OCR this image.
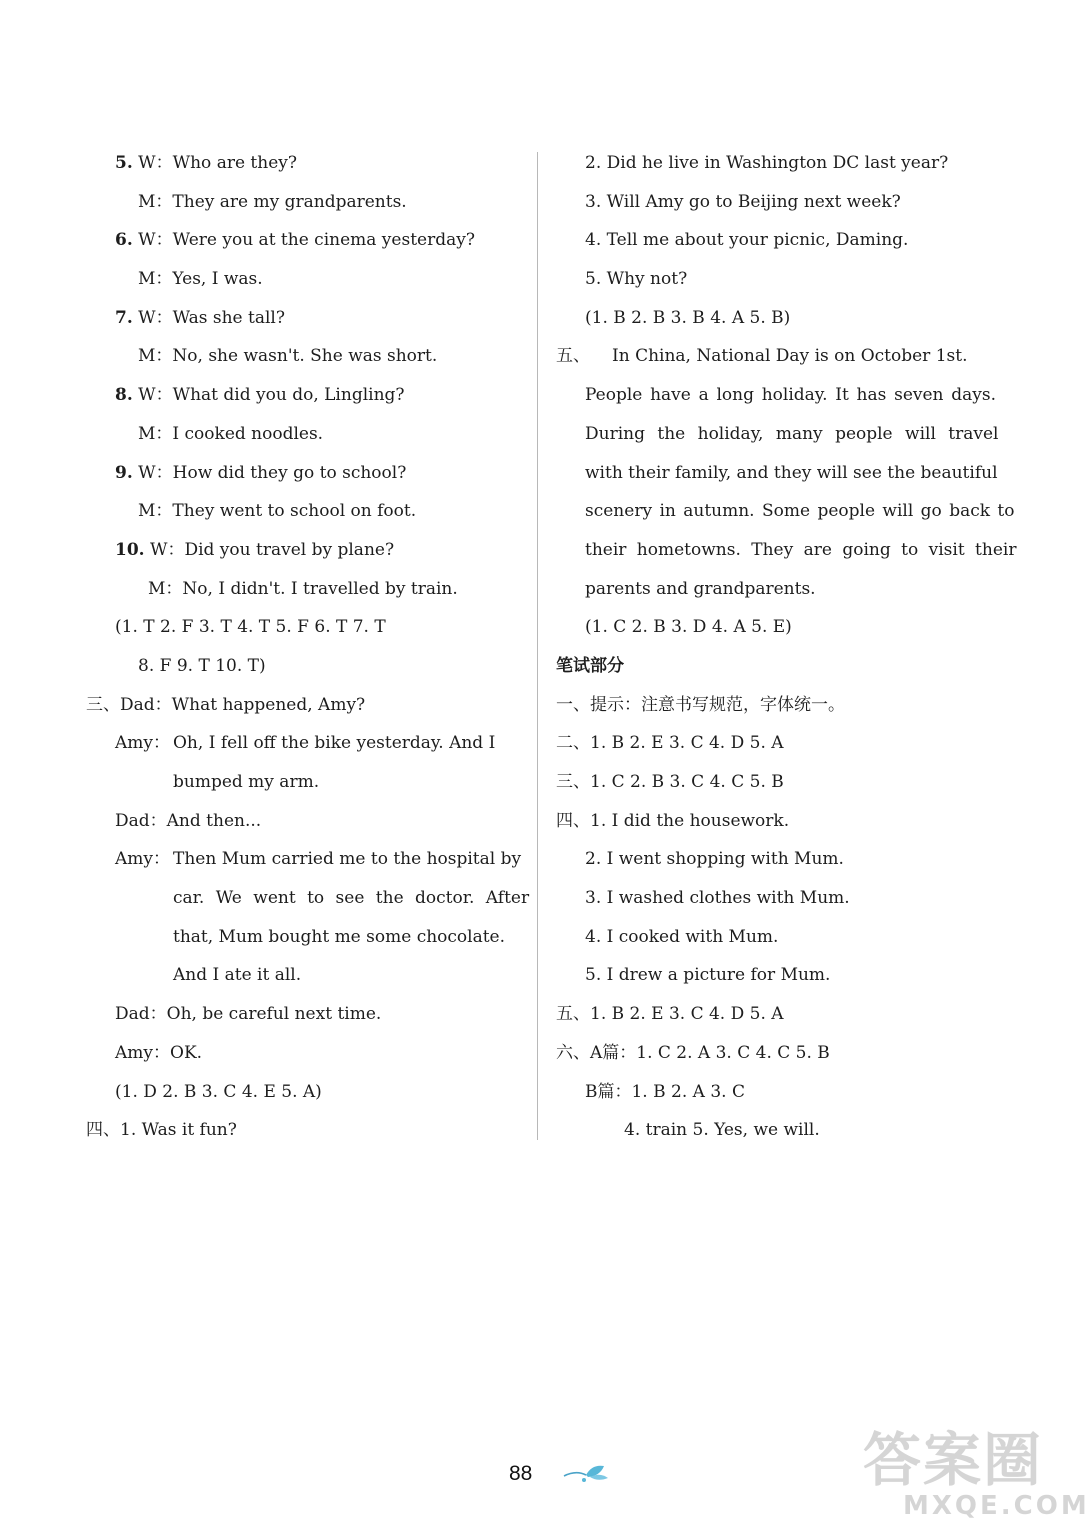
5. W：Who are they?
M：They are my grandparents.
6. W：Were you at the cinema yesterday?
M：Yes, I was.
7. W：Was she tall?
M：No, she wasn't. She was short.
8. W：What did you do, Lingling?
M：I cooked noodles.
9. W：How did they go to school?
M：They went to school on foot.
10. W：Did you travel by plane?
M：No, I didn't. I travelled by train.
(1. T 2. F 3. T 4. T 5. F 6. T 7. T
8. F 9. T 10. T)
三、Dad：What happened, Amy?
Amy： Oh, I fell off the bike yesterday. And I
bumped my arm.
Dad：And then...
Amy： Then Mum carried me to the hospital by
car. We went to see the doctor. After
that, Mum bought me some chocolate.
And I ate it all.
Dad：Oh, be careful next time.
Amy：OK.
(1. D 2. B 3. C 4. E 5. A)
四、1. Was it fun?
2. Did he live in Washington DC last year?
3. Will Amy go to Beijing next week?
4. Tell me about your picnic, Daming.
5. Why not?
(1. B 2. B 3. B 4. A 5. B)
五、 In China, National Day is on October 1st.
People have a long holiday. It has seven days.
During the holiday, many people will travel
with their family, and they will see the beautiful
scenery in autumn. Some people will go back to
their hometowns. They are going to visit their
parents and grandparents.
(1. C 2. B 3. D 4. A 5. E)
笔试部分
一、提示：注意书写规范，字体统一。
二、1. B 2. E 3. C 4. D 5. A
三、1. C 2. B 3. C 4. C 5. B
四、1. I did the housework.
2. I went shopping with Mum.
3. I washed clothes with Mum.
4. I cooked with Mum.
5. I drew a picture for Mum.
五、1. B 2. E 3. C 4. D 5. A
六、A篇：1. C 2. A 3. C 4. C 5. B
B篇：1. B 2. A 3. C
4. train 5. Yes, we will.
88	答案圈
MXQE.COM
